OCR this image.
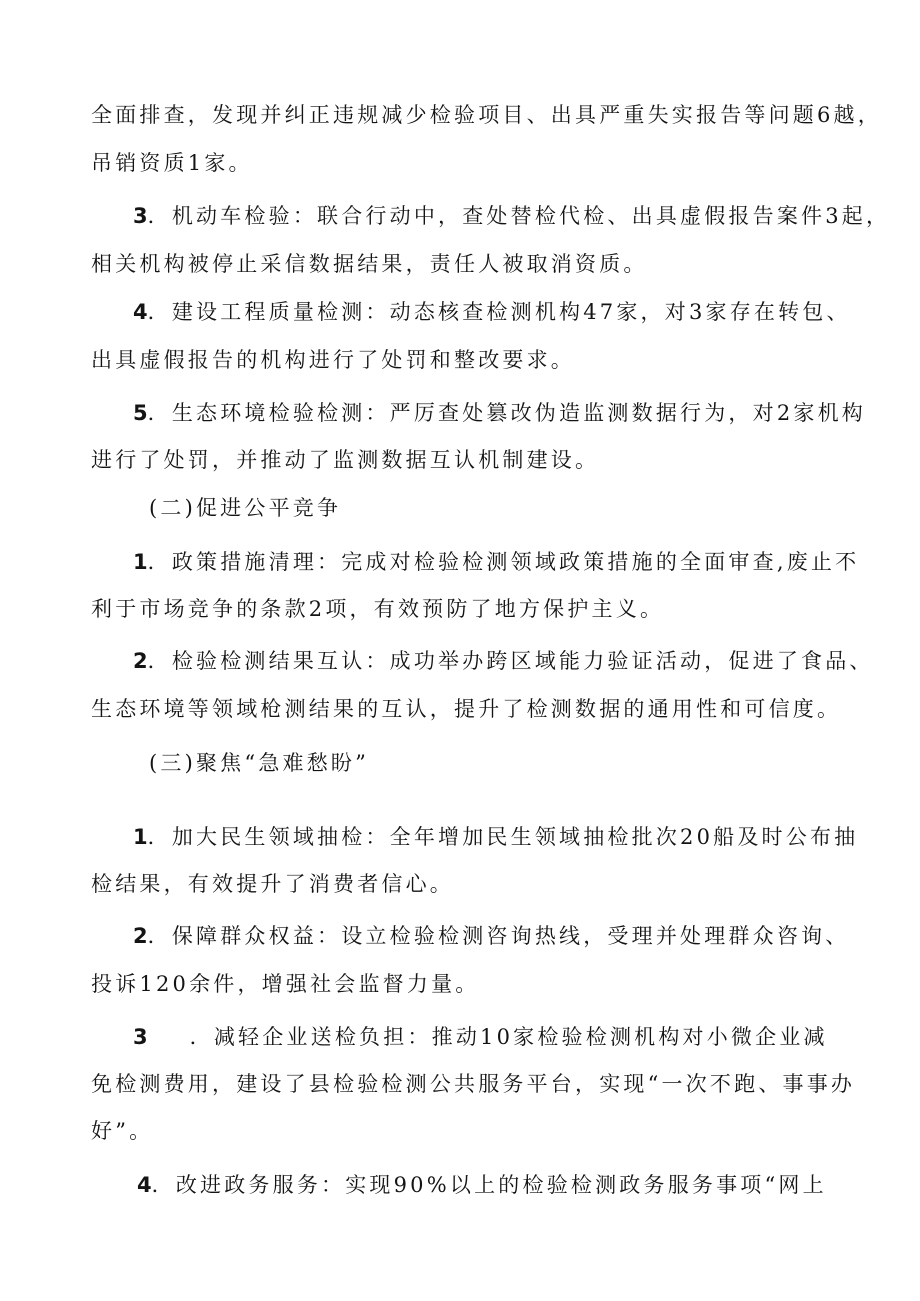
全面排查，发现并纠正违规减少检验项目、出具严重失实报告等问题6越，
吊销资质1家。
3．机动车检验：联合行动中，查处替检代检、出具虚假报告案件3起，
相关机构被停止采信数据结果，责任人被取消资质。
4．建设工程质量检测：动态核查检测机构47家，对3家存在转包、
出具虚假报告的机构进行了处罚和整改要求。
5．生态环境检验检测：严厉查处篡改伪造监测数据行为，对2家机构
进行了处罚，并推动了监测数据互认机制建设。
(二)促进公平竞争
1．政策措施清理：完成对检验检测领域政策措施的全面审查,废止不
利于市场竞争的条款2项，有效预防了地方保护主义。
2．检验检测结果互认：成功举办跨区域能力验证活动，促进了食品、
生态环境等领域枪测结果的互认，提升了检测数据的通用性和可信度。
(三)聚焦“急难愁盼”
1．加大民生领域抽检：全年增加民生领域抽检批次20船及时公布抽
检结果，有效提升了消费者信心。
2．保障群众权益：设立检验检测咨询热线，受理并处理群众咨询、
投诉120余件，增强社会监督力量。
3 ．减轻企业送检负担：推动10家检验检测机构对小微企业减
免检测费用，建设了县检验检测公共服务平台，实现“一次不跑、事事办
好”。
4．改进政务服务：实现90%以上的检验检测政务服务事项“网上
